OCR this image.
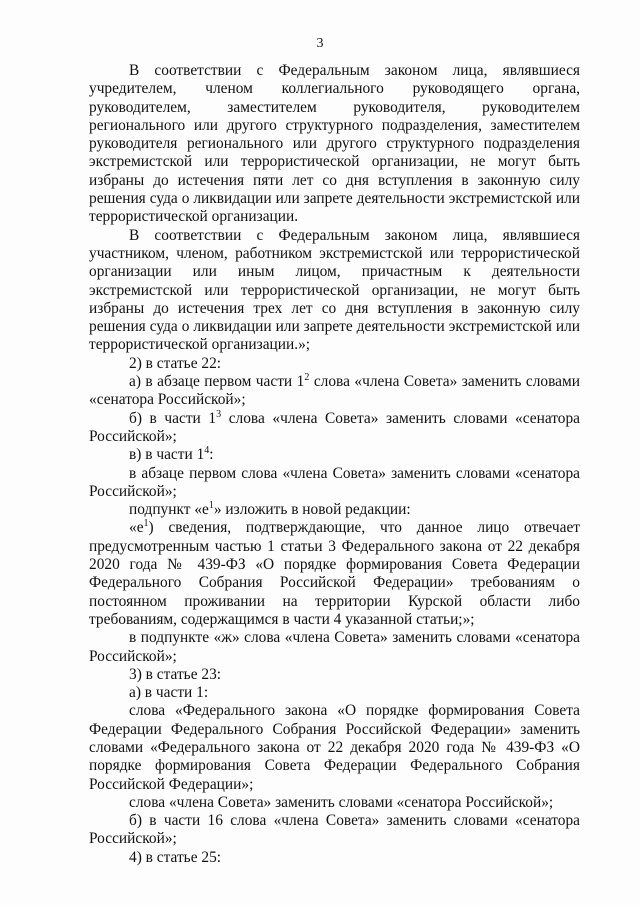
3

В соответствии с Федеральным законом лица, являвшиеся учредителем, членом коллегиального руководящего органа, руководителем, заместителем руководителя, руководителем регионального или другого структурного подразделения, заместителем руководителя регионального или другого структурного подразделения экстремистской или террористической организации, не могут быть избраны до истечения пяти лет со дня вступления в законную силу решения суда о ликвидации или запрете деятельности экстремистской или террористической организации.

В соответствии с Федеральным законом лица, являвшиеся участником, членом, работником экстремистской или террористической организации или иным лицом, причастным к деятельности экстремистской или террористической организации, не могут быть избраны до истечения трех лет со дня вступления в законную силу решения суда о ликвидации или запрете деятельности экстремистской или террористической организации.»;

2) в статье 22:

а) в абзаце первом части $1^2$ слова «члена Совета» заменить словами «сенатора Российской»;

б) в части $1^3$ слова «члена Совета» заменить словами «сенатора Российской»;

в) в части $1^4$:

в абзаце первом слова «члена Совета» заменить словами «сенатора Российской»;

подпункт «$е^1$» изложить в новой редакции:

«$е^1$) сведения, подтверждающие, что данное лицо отвечает предусмотренным частью 1 статьи 3 Федерального закона от 22 декабря 2020 года № 439-ФЗ «О порядке формирования Совета Федерации Федерального Собрания Российской Федерации» требованиям о постоянном проживании на территории Курской области либо требованиям, содержащимся в части 4 указанной статьи;»;

в подпункте «ж» слова «члена Совета» заменить словами «сенатора Российской»;

3) в статье 23:

а) в части 1:

слова «Федерального закона «О порядке формирования Совета Федерации Федерального Собрания Российской Федерации» заменить словами «Федерального закона от 22 декабря 2020 года № 439-ФЗ «О порядке формирования Совета Федерации Федерального Собрания Российской Федерации»;

слова «члена Совета» заменить словами «сенатора Российской»;

б) в части 16 слова «члена Совета» заменить словами «сенатора Российской»;

4) в статье 25:
